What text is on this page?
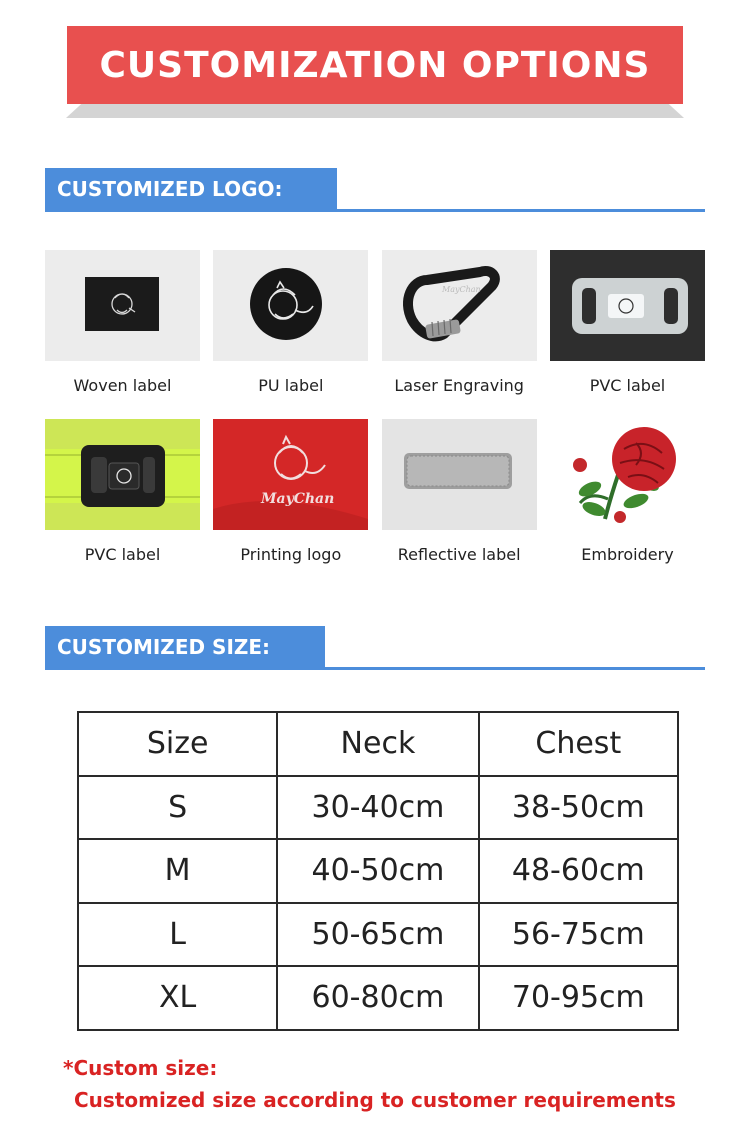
CUSTOMIZATION OPTIONS
CUSTOMIZED LOGO:
Woven label	PU label
MayChan
Laser Engraving	PVC label
PVC label
MayChan
Printing logo	Reflective label	Embroidery
CUSTOMIZED SIZE:
Size	Neck	Chest
S	30-40cm	38-50cm
M	40-50cm	48-60cm
L	50-65cm	56-75cm
XL	60-80cm	70-95cm
*Custom size:
Customized size according to customer requirements
